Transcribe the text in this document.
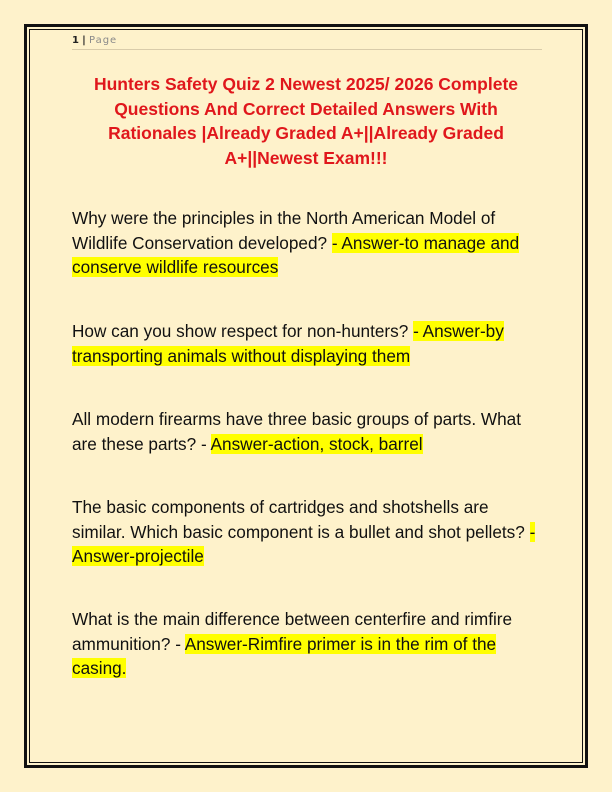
1 | Page
Hunters Safety Quiz 2 Newest 2025/ 2026 Complete Questions And Correct Detailed Answers With Rationales |Already Graded A+||Already Graded A+||Newest Exam!!!

Why were the principles in the North American Model of Wildlife Conservation developed? - Answer-to manage and conserve wildlife resources

How can you show respect for non-hunters? - Answer-by transporting animals without displaying them

All modern firearms have three basic groups of parts. What are these parts? - Answer-action, stock, barrel

The basic components of cartridges and shotshells are similar. Which basic component is a bullet and shot pellets? - Answer-projectile

What is the main difference between centerfire and rimfire ammunition? - Answer-Rimfire primer is in the rim of the casing.
